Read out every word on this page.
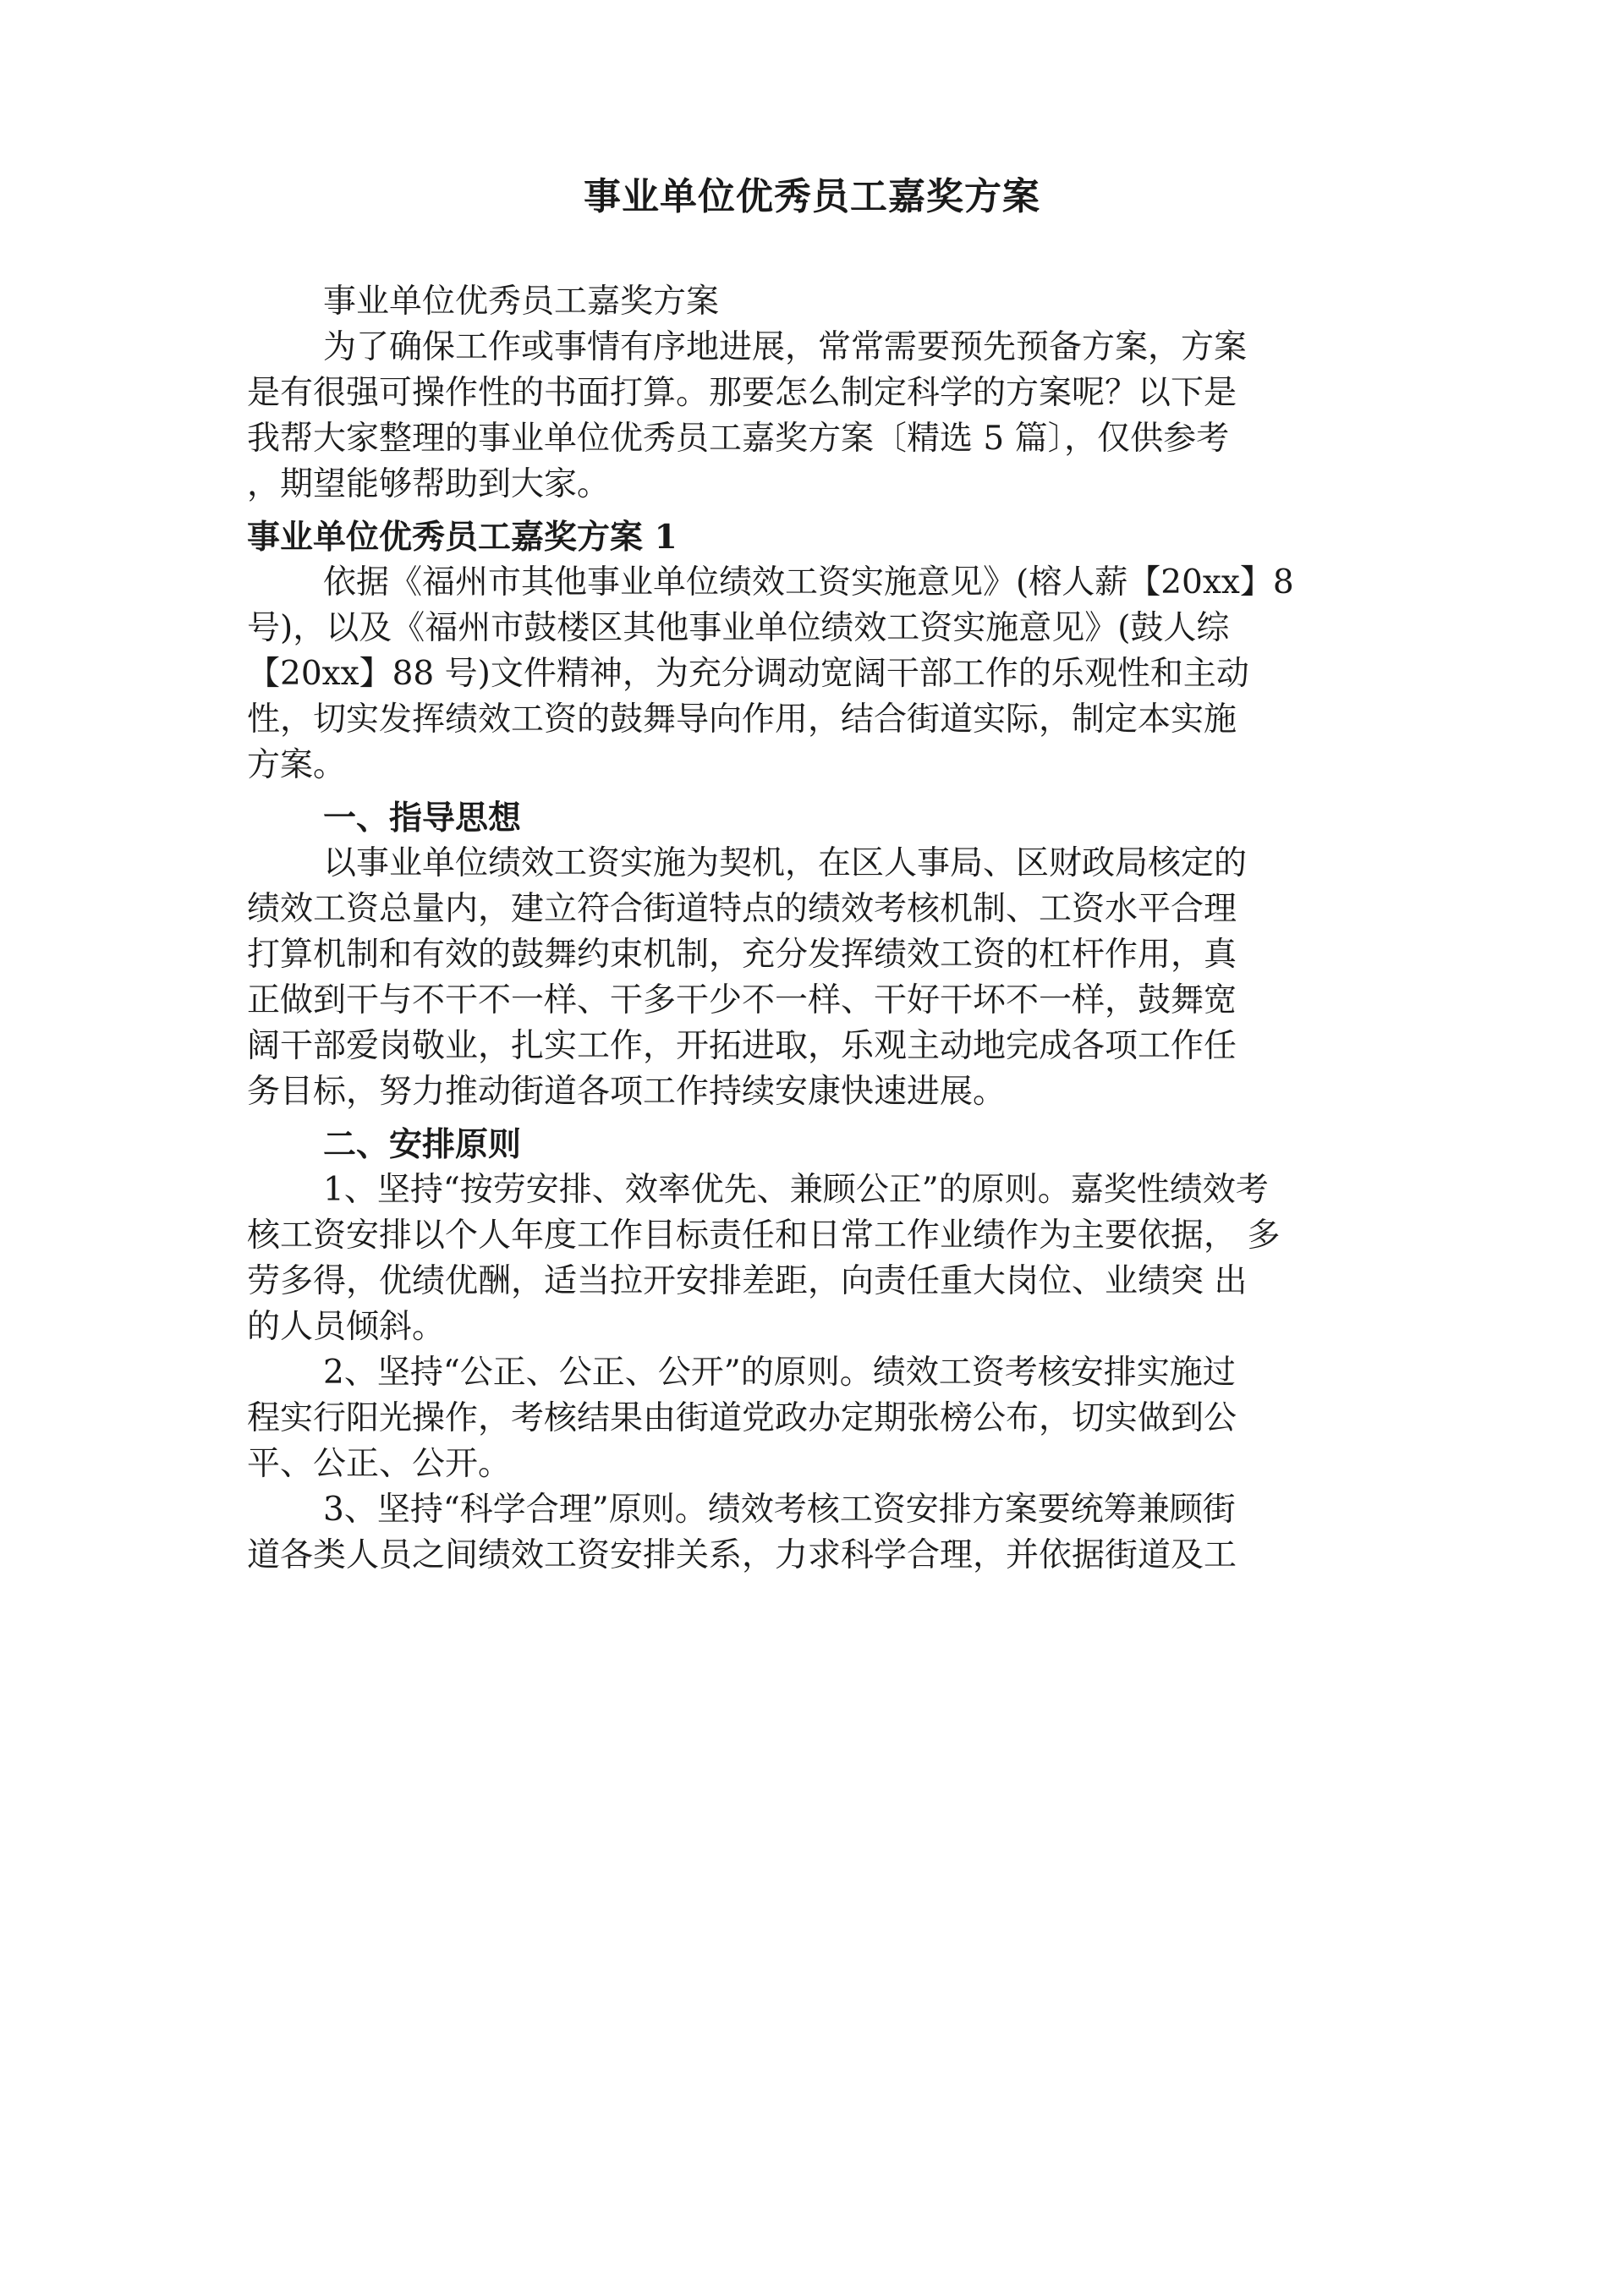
事业单位优秀员工嘉奖方案
事业单位优秀员工嘉奖方案
为了确保工作或事情有序地进展，常常需要预先预备方案，方案
是有很强可操作性的书面打算。那要怎么制定科学的方案呢？以下是
我帮大家整理的事业单位优秀员工嘉奖方案〔精选 5 篇〕，仅供参考
，期望能够帮助到大家。
事业单位优秀员工嘉奖方案 1
依据《福州市其他事业单位绩效工资实施意见》(榕人薪【20xx】8
号)，以及《福州市鼓楼区其他事业单位绩效工资实施意见》(鼓人综
【20xx】88 号)文件精神，为充分调动宽阔干部工作的乐观性和主动
性，切实发挥绩效工资的鼓舞导向作用，结合街道实际，制定本实施
方案。
一、指导思想
以事业单位绩效工资实施为契机，在区人事局、区财政局核定的
绩效工资总量内，建立符合街道特点的绩效考核机制、工资水平合理
打算机制和有效的鼓舞约束机制，充分发挥绩效工资的杠杆作用，真
正做到干与不干不一样、干多干少不一样、干好干坏不一样，鼓舞宽
阔干部爱岗敬业，扎实工作，开拓进取，乐观主动地完成各项工作任
务目标，努力推动街道各项工作持续安康快速进展。
二、安排原则
1、坚持“按劳安排、效率优先、兼顾公正”的原则。嘉奖性绩效考
核工资安排以个人年度工作目标责任和日常工作业绩作为主要依据， 多
劳多得，优绩优酬，适当拉开安排差距，向责任重大岗位、业绩突 出
的人员倾斜。
2、坚持“公正、公正、公开”的原则。绩效工资考核安排实施过
程实行阳光操作，考核结果由街道党政办定期张榜公布，切实做到公
平、公正、公开。
3、坚持“科学合理”原则。绩效考核工资安排方案要统筹兼顾街
道各类人员之间绩效工资安排关系，力求科学合理，并依据街道及工
